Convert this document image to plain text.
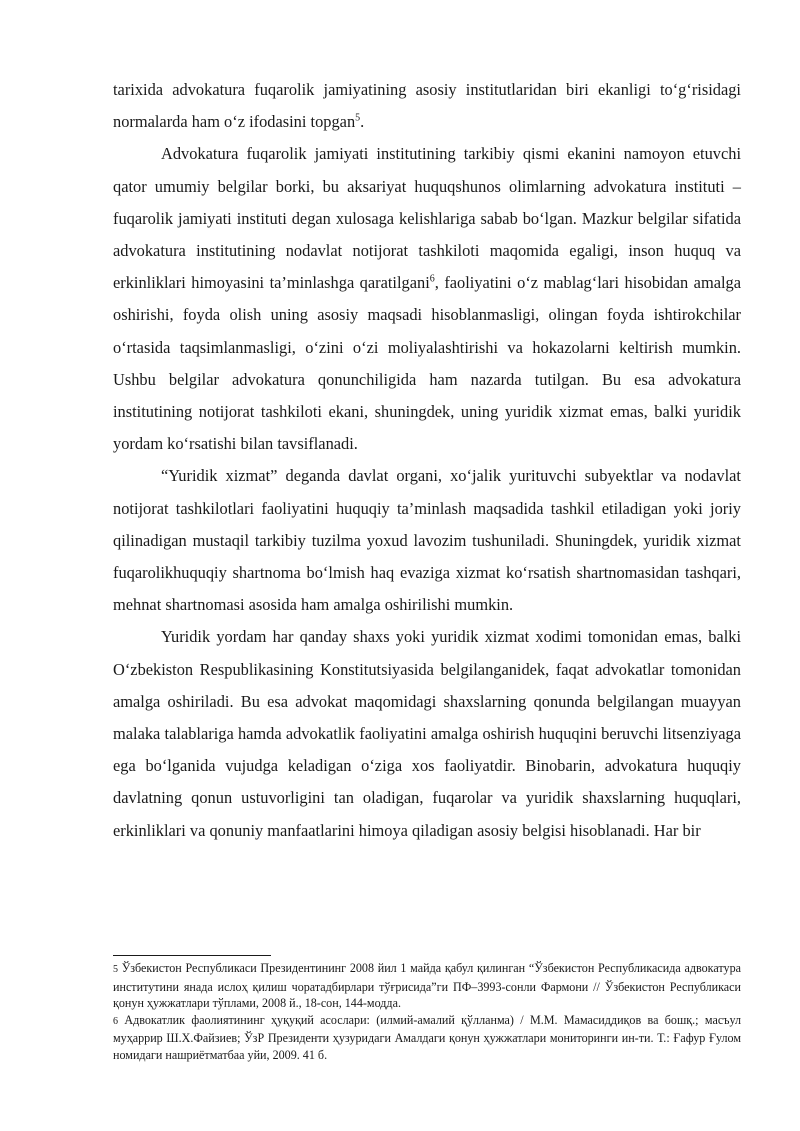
tarixida advokatura fuqarolik jamiyatining asosiy institutlaridan biri ekanligi to‘g‘risidagi normalarda ham o‘z ifodasini topgan$^5$.

Advokatura fuqarolik jamiyati institutining tarkibiy qismi ekanini namoyon etuvchi qator umumiy belgilar borki, bu aksariyat huquqshunos olimlarning advokatura instituti – fuqarolik jamiyati instituti degan xulosaga kelishlariga sabab bo‘lgan. Mazkur belgilar sifatida advokatura institutining nodavlat notijorat tashkiloti maqomida egaligi, inson huquq va erkinliklari himoyasini ta’minlashga qaratilgani$^6$, faoliyatini o‘z mablag‘lari hisobidan amalga oshirishi, foyda olish uning asosiy maqsadi hisoblanmasligi, olingan foyda ishtirokchilar o‘rtasida taqsimlanmasligi, o‘zini o‘zi moliyalashtirishi va hokazolarni keltirish mumkin. Ushbu belgilar advokatura qonunchiligida ham nazarda tutilgan. Bu esa advokatura institutining notijorat tashkiloti ekani, shuningdek, uning yuridik xizmat emas, balki yuridik yordam ko‘rsatishi bilan tavsiflanadi.

“Yuridik xizmat” deganda davlat organi, xo‘jalik yurituvchi subyektlar va nodavlat notijorat tashkilotlari faoliyatini huquqiy ta’minlash maqsadida tashkil etiladigan yoki joriy qilinadigan mustaqil tarkibiy tuzilma yoxud lavozim tushuniladi. Shuningdek, yuridik xizmat fuqarolikhuquqiy shartnoma bo‘lmish haq evaziga xizmat ko‘rsatish shartnomasidan tashqari, mehnat shartnomasi asosida ham amalga oshirilishi mumkin.

Yuridik yordam har qanday shaxs yoki yuridik xizmat xodimi tomonidan emas, balki O‘zbekiston Respublikasining Konstitutsiyasida belgilanganidek, faqat advokatlar tomonidan amalga oshiriladi. Bu esa advokat maqomidagi shaxslarning qonunda belgilangan muayyan malaka talablariga hamda advokatlik faoliyatini amalga oshirish huquqini beruvchi litsenziyaga ega bo‘lganida vujudga keladigan o‘ziga xos faoliyatdir. Binobarin, advokatura huquqiy davlatning qonun ustuvorligini tan oladigan, fuqarolar va yuridik shaxslarning huquqlari, erkinliklari va qonuniy manfaatlarini himoya qiladigan asosiy belgisi hisoblanadi. Har bir

5 Ўзбекистон Республикаси Президентининг 2008 йил 1 майда қабул қилинган “Ўзбекистон Республикасида адвокатура институтини янада ислоҳ қилиш чоратадбирлари тўғрисида”ги ПФ–3993-сонли Фармони // Ўзбекистон Республикаси қонун ҳужжатлари тўплами, 2008 й., 18-сон, 144-модда.

6 Адвокатлик фаолиятининг ҳуқуқий асослари: (илмий-амалий қўлланма) / М.М. Мамасиддиқов ва бошқ.; масъул муҳаррир Ш.Х.Файзиев; ЎзР Президенти ҳузуридаги Амалдаги қонун ҳужжатлари мониторинги ин-ти. Т.: Ғафур Ғулом номидаги нашриётматбаа уйи, 2009. 41 б.
